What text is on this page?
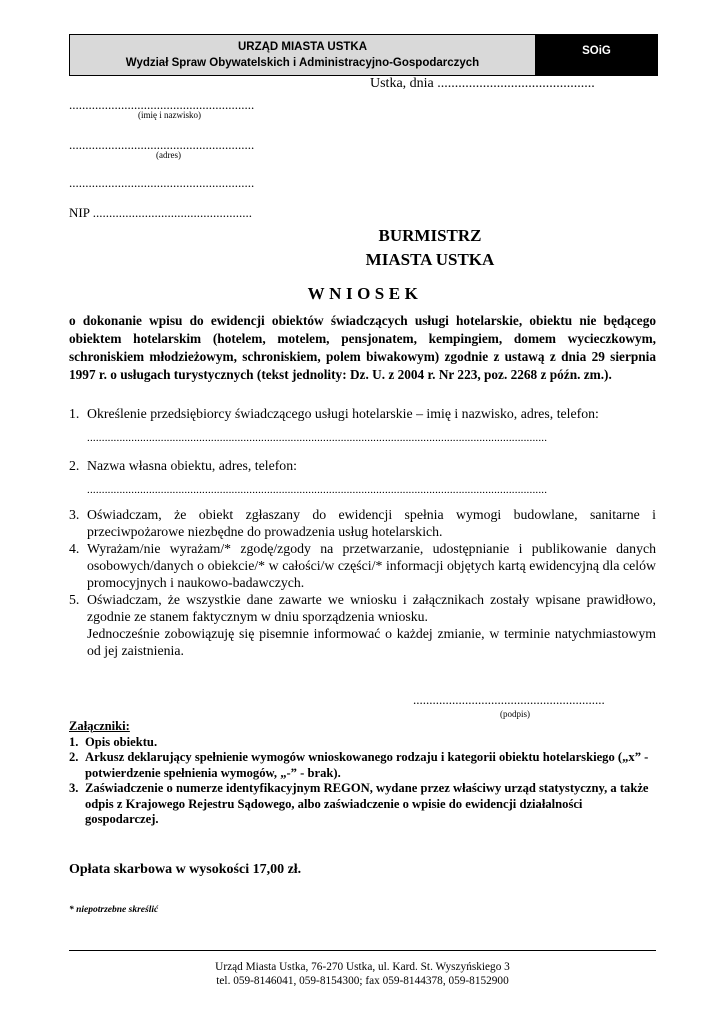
URZĄD MIASTA USTKA
Wydział Spraw Obywatelskich i Administracyjno-Gospodarczych
SOiG
Ustka, dnia .............................................
.........................................................
(imię i nazwisko)
.........................................................
(adres)
.........................................................
NIP .................................................
BURMISTRZ
MIASTA USTKA
WNIOSEK
o dokonanie wpisu do ewidencji obiektów świadczących usługi hotelarskie, obiektu nie będącego obiektem hotelarskim (hotelem, motelem, pensjonatem, kempingiem, domem wycieczkowym, schroniskiem młodzieżowym, schroniskiem, polem biwakowym) zgodnie z ustawą z dnia 29 sierpnia 1997 r. o usługach turystycznych (tekst jednolity: Dz. U. z 2004 r. Nr 223, poz. 2268 z późn. zm.).
1. Określenie przedsiębiorcy świadczącego usługi hotelarskie – imię i nazwisko, adres, telefon:
............................................................................................................................................................
2. Nazwa własna obiektu, adres, telefon:
............................................................................................................................................................
3. Oświadczam, że obiekt zgłaszany do ewidencji spełnia wymogi budowlane, sanitarne i przeciwpożarowe niezbędne do prowadzenia usług hotelarskich.
4. Wyrażam/nie wyrażam/* zgodę/zgody na przetwarzanie, udostępnianie i publikowanie danych osobowych/danych o obiekcie/* w całości/w części/* informacji objętych kartą ewidencyjną dla celów promocyjnych i naukowo-badawczych.
5. Oświadczam, że wszystkie dane zawarte we wniosku i załącznikach zostały wpisane prawidłowo, zgodnie ze stanem faktycznym w dniu sporządzenia wniosku.
Jednocześnie zobowiązuję się pisemnie informować o każdej zmianie, w terminie natychmiastowym od jej zaistnienia.
...........................................................
(podpis)
Załączniki:
1. Opis obiektu.
2. Arkusz deklarujący spełnienie wymogów wnioskowanego rodzaju i kategorii obiektu hotelarskiego („x” - potwierdzenie spełnienia wymogów, „-” - brak).
3. Zaświadczenie o numerze identyfikacyjnym REGON, wydane przez właściwy urząd statystyczny, a także odpis z Krajowego Rejestru Sądowego, albo zaświadczenie o wpisie do ewidencji działalności gospodarczej.
Opłata skarbowa w wysokości 17,00 zł.
* niepotrzebne skreślić
Urząd Miasta Ustka, 76-270 Ustka, ul. Kard. St. Wyszyńskiego 3
tel. 059-8146041, 059-8154300; fax 059-8144378, 059-8152900
